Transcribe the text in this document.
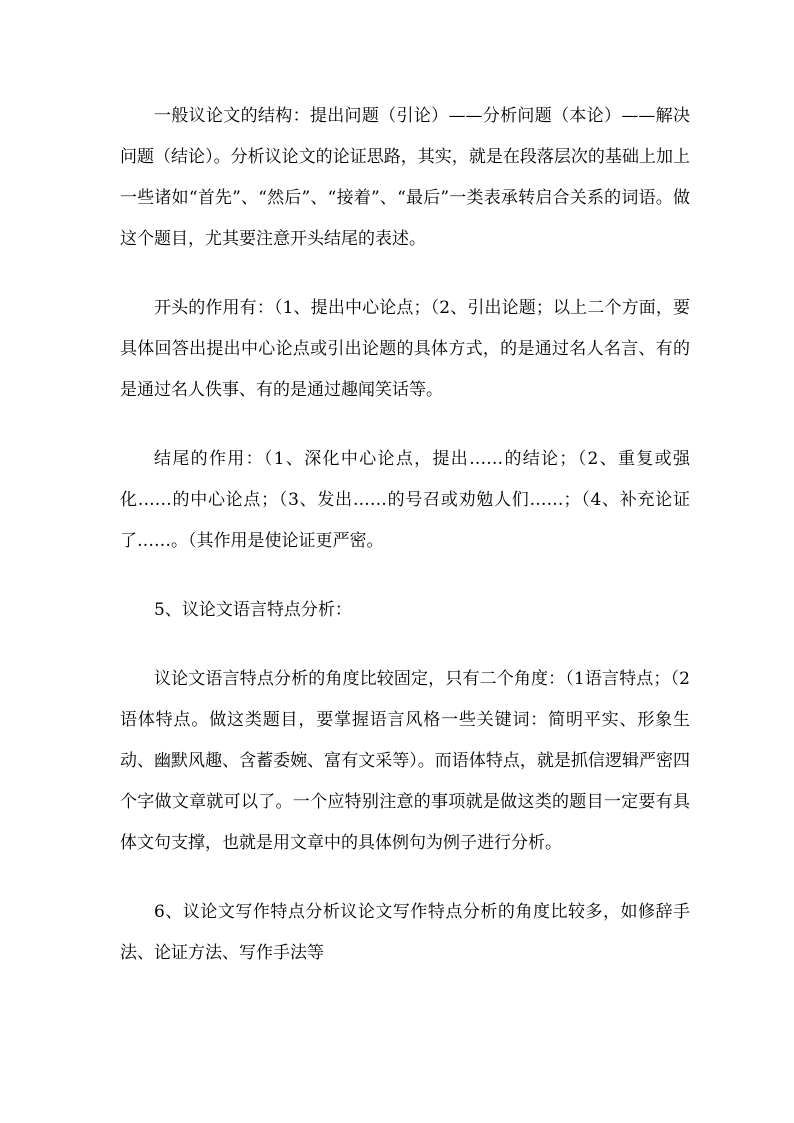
一般议论文的结构：提出问题（引论）——分析问题（本论）——解决问题（结论）。分析议论文的论证思路，其实，就是在段落层次的基础上加上一些诸如“首先”、“然后”、“接着”、“最后”一类表承转启合关系的词语。做这个题目，尤其要注意开头结尾的表述。

开头的作用有：（1、提出中心论点；（2、引出论题；以上二个方面，要具体回答出提出中心论点或引出论题的具体方式，的是通过名人名言、有的是通过名人佚事、有的是通过趣闻笑话等。

结尾的作用：（1、深化中心论点，提出……的结论；（2、重复或强化……的中心论点；（3、发出……的号召或劝勉人们……；（4、补充论证了……。（其作用是使论证更严密。

5、议论文语言特点分析：

议论文语言特点分析的角度比较固定，只有二个角度：（1语言特点；（2语体特点。做这类题目，要掌握语言风格一些关键词：简明平实、形象生动、幽默风趣、含蓄委婉、富有文采等）。而语体特点，就是抓信逻辑严密四个字做文章就可以了。一个应特别注意的事项就是做这类的题目一定要有具体文句支撑，也就是用文章中的具体例句为例子进行分析。

6、议论文写作特点分析议论文写作特点分析的角度比较多，如修辞手法、论证方法、写作手法等
